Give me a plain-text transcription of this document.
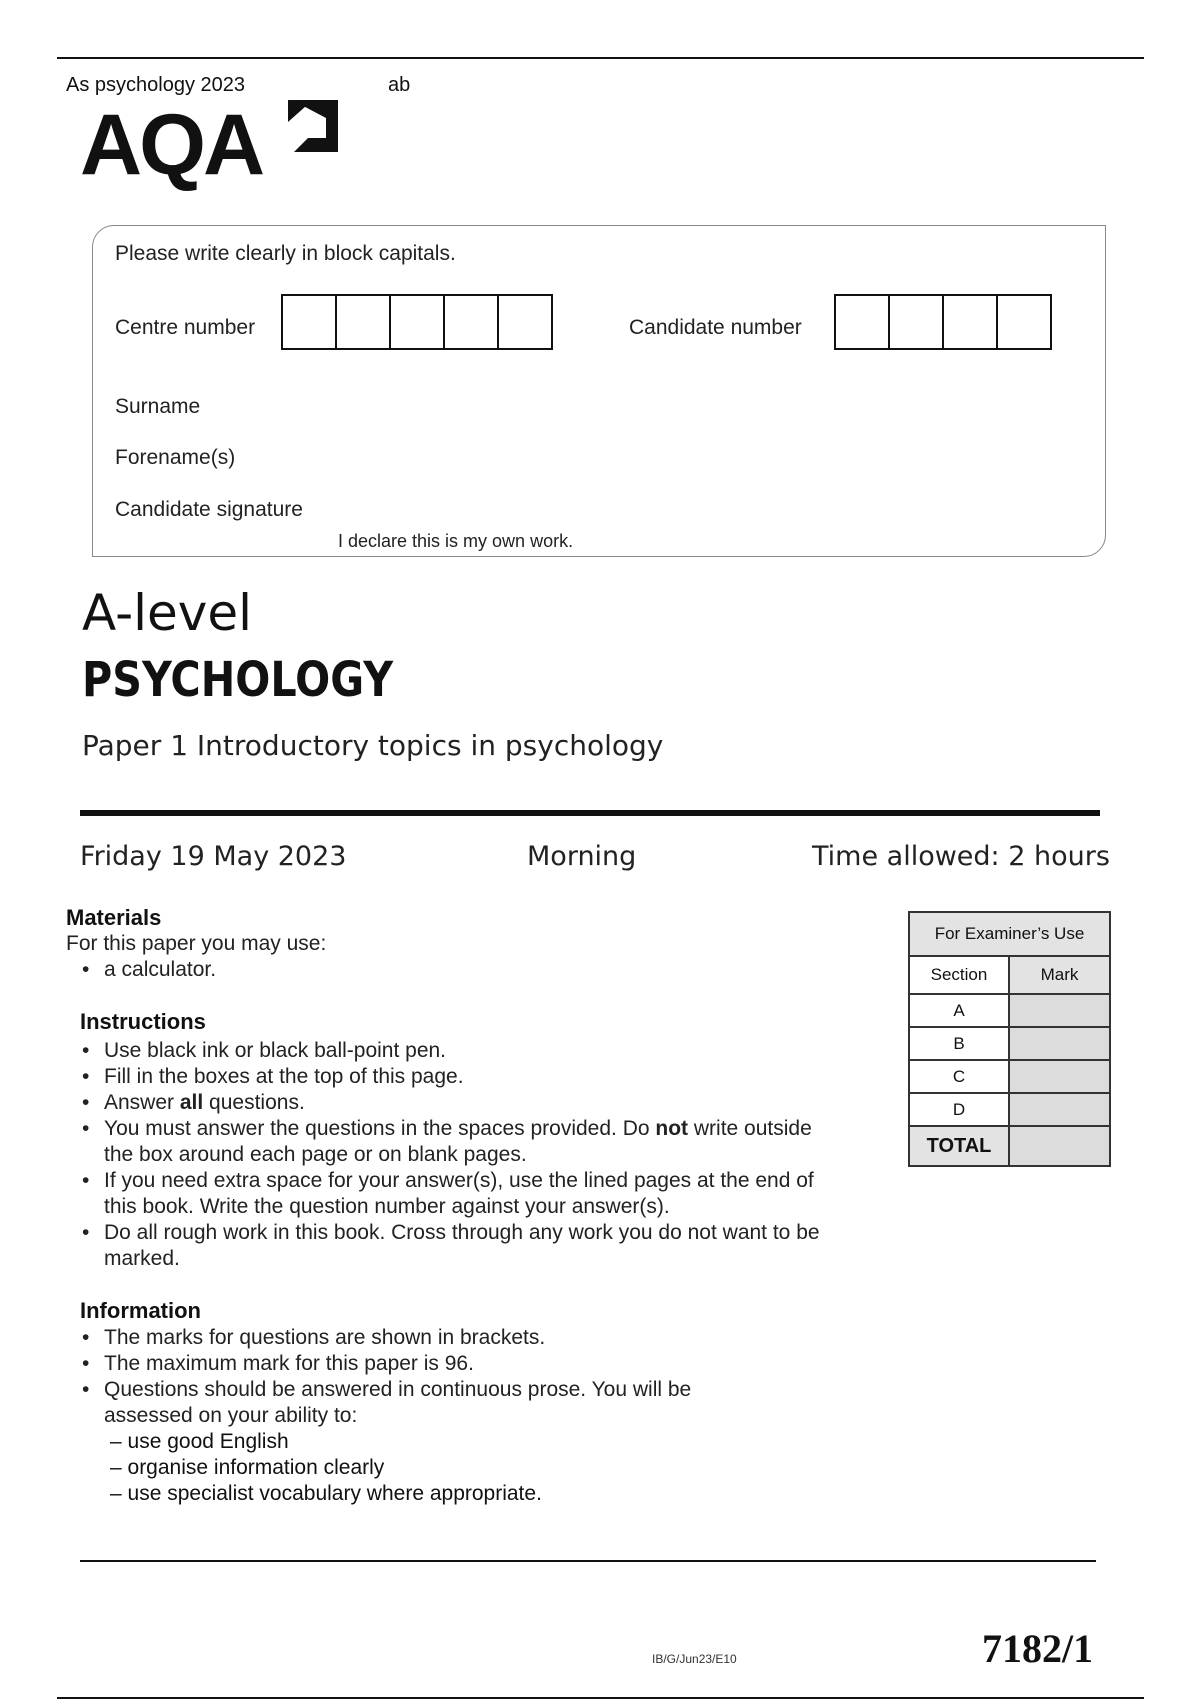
As psychology 2023	ab
AQA
Please write clearly in block capitals.
Centre number	Candidate number
Surname
Forename(s)
Candidate signature
I declare this is my own work.
A-level
PSYCHOLOGY
Paper 1 Introductory topics in psychology
Friday 19 May 2023	Morning	Time allowed: 2 hours
Materials
For this paper you may use:
• a calculator.
Instructions
• Use black ink or black ball-point pen.
• Fill in the boxes at the top of this page.
• Answer all questions.
• You must answer the questions in the spaces provided. Do not write outside the box around each page or on blank pages.
• If you need extra space for your answer(s), use the lined pages at the end of this book. Write the question number against your answer(s).
• Do all rough work in this book. Cross through any work you do not want to be marked.
Information
• The marks for questions are shown in brackets.
• The maximum mark for this paper is 96.
• Questions should be answered in continuous prose. You will be assessed on your ability to:
– use good English
– organise information clearly
– use specialist vocabulary where appropriate.
For Examiner’s Use	
Section	Mark
A	
B	
C	
D	
TOTAL	
IB/G/Jun23/E10	7182/1
